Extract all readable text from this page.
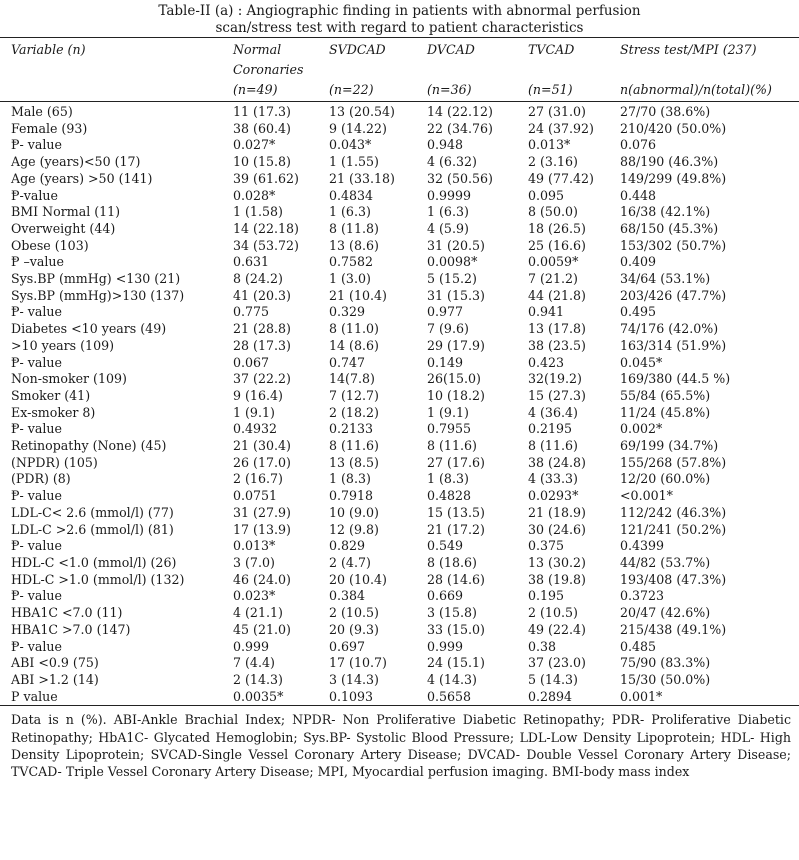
Table-II (a) : Angiographic finding in patients with abnormal perfusion
scan/stress test with regard to patient characteristics
Variable (n)	Normal	SVDCAD	DVCAD	TVCAD	Stress test/MPI (237)
	Coronaries				
	(n=49)	(n=22)	(n=36)	(n=51)	n(abnormal)/n(total)(%)
Male (65)	11 (17.3)	13 (20.54)	14 (22.12)	27 (31.0)	27/70 (38.6%)
Female (93)	38 (60.4)	9 (14.22)	22 (34.76)	24 (37.92)	210/420 (50.0%)
Ᵽ- value	0.027*	0.043*	0.948	0.013*	0.076
Age (years)<50 (17)	10 (15.8)	1 (1.55)	4 (6.32)	2 (3.16)	88/190 (46.3%)
Age (years) >50 (141)	39 (61.62)	21 (33.18)	32 (50.56)	49 (77.42)	149/299 (49.8%)
Ᵽ-value	0.028*	0.4834	0.9999	0.095	0.448
BMI Normal (11)	1 (1.58)	1 (6.3)	1 (6.3)	8 (50.0)	16/38 (42.1%)
Overweight (44)	14 (22.18)	8 (11.8)	4 (5.9)	18 (26.5)	68/150 (45.3%)
Obese (103)	34 (53.72)	13 (8.6)	31 (20.5)	25 (16.6)	153/302 (50.7%)
Ᵽ –value	0.631	0.7582	0.0098*	0.0059*	0.409
Sys.BP (mmHg) <130 (21)	8 (24.2)	1 (3.0)	5 (15.2)	7 (21.2)	34/64 (53.1%)
Sys.BP (mmHg)>130 (137)	41 (20.3)	21 (10.4)	31 (15.3)	44 (21.8)	203/426 (47.7%)
Ᵽ- value	0.775	0.329	0.977	0.941	0.495
Diabetes <10 years (49)	21 (28.8)	8 (11.0)	7 (9.6)	13 (17.8)	74/176 (42.0%)
>10 years (109)	28 (17.3)	14 (8.6)	29 (17.9)	38 (23.5)	163/314 (51.9%)
Ᵽ- value	0.067	0.747	0.149	0.423	0.045*
Non-smoker (109)	37 (22.2)	14(7.8)	26(15.0)	32(19.2)	169/380 (44.5 %)
Smoker (41)	9 (16.4)	7 (12.7)	10 (18.2)	15 (27.3)	55/84 (65.5%)
Ex-smoker 8)	1 (9.1)	2 (18.2)	1 (9.1)	4 (36.4)	11/24 (45.8%)
Ᵽ- value	0.4932	0.2133	0.7955	0.2195	0.002*
Retinopathy (None) (45)	21 (30.4)	8 (11.6)	8 (11.6)	8 (11.6)	69/199 (34.7%)
(NPDR) (105)	26 (17.0)	13 (8.5)	27 (17.6)	38 (24.8)	155/268 (57.8%)
(PDR) (8)	2 (16.7)	1 (8.3)	1 (8.3)	4 (33.3)	12/20 (60.0%)
Ᵽ- value	0.0751	0.7918	0.4828	0.0293*	<0.001*
LDL-C< 2.6 (mmol/l) (77)	31 (27.9)	10 (9.0)	15 (13.5)	21 (18.9)	112/242 (46.3%)
LDL-C >2.6 (mmol/l) (81)	17 (13.9)	12 (9.8)	21 (17.2)	30 (24.6)	121/241 (50.2%)
Ᵽ- value	0.013*	0.829	0.549	0.375	0.4399
HDL-C <1.0 (mmol/l) (26)	3 (7.0)	2 (4.7)	8 (18.6)	13 (30.2)	44/82 (53.7%)
HDL-C >1.0 (mmol/l) (132)	46 (24.0)	20 (10.4)	28 (14.6)	38 (19.8)	193/408 (47.3%)
Ᵽ- value	0.023*	0.384	0.669	0.195	0.3723
HBA1C <7.0 (11)	4 (21.1)	2 (10.5)	3 (15.8)	2 (10.5)	20/47 (42.6%)
HBA1C >7.0 (147)	45 (21.0)	20 (9.3)	33 (15.0)	49 (22.4)	215/438 (49.1%)
Ᵽ- value	0.999	0.697	0.999	0.38	0.485
ABI <0.9 (75)	7 (4.4)	17 (10.7)	24 (15.1)	37 (23.0)	75/90 (83.3%)
ABI >1.2 (14)	2 (14.3)	3 (14.3)	4 (14.3)	5 (14.3)	15/30 (50.0%)
P value	0.0035*	0.1093	0.5658	0.2894	0.001*
Data is n (%). ABI-Ankle Brachial Index; NPDR- Non Proliferative Diabetic Retinopathy; PDR- Proliferative Diabetic Retinopathy; HbA1C- Glycated Hemoglobin; Sys.BP- Systolic Blood Pressure; LDL-Low Density Lipoprotein; HDL- High Density Lipoprotein; SVCAD-Single Vessel Coronary Artery Disease; DVCAD- Double Vessel Coronary Artery Disease; TVCAD- Triple Vessel Coronary Artery Disease; MPI, Myocardial perfusion imaging. BMI-body mass index
